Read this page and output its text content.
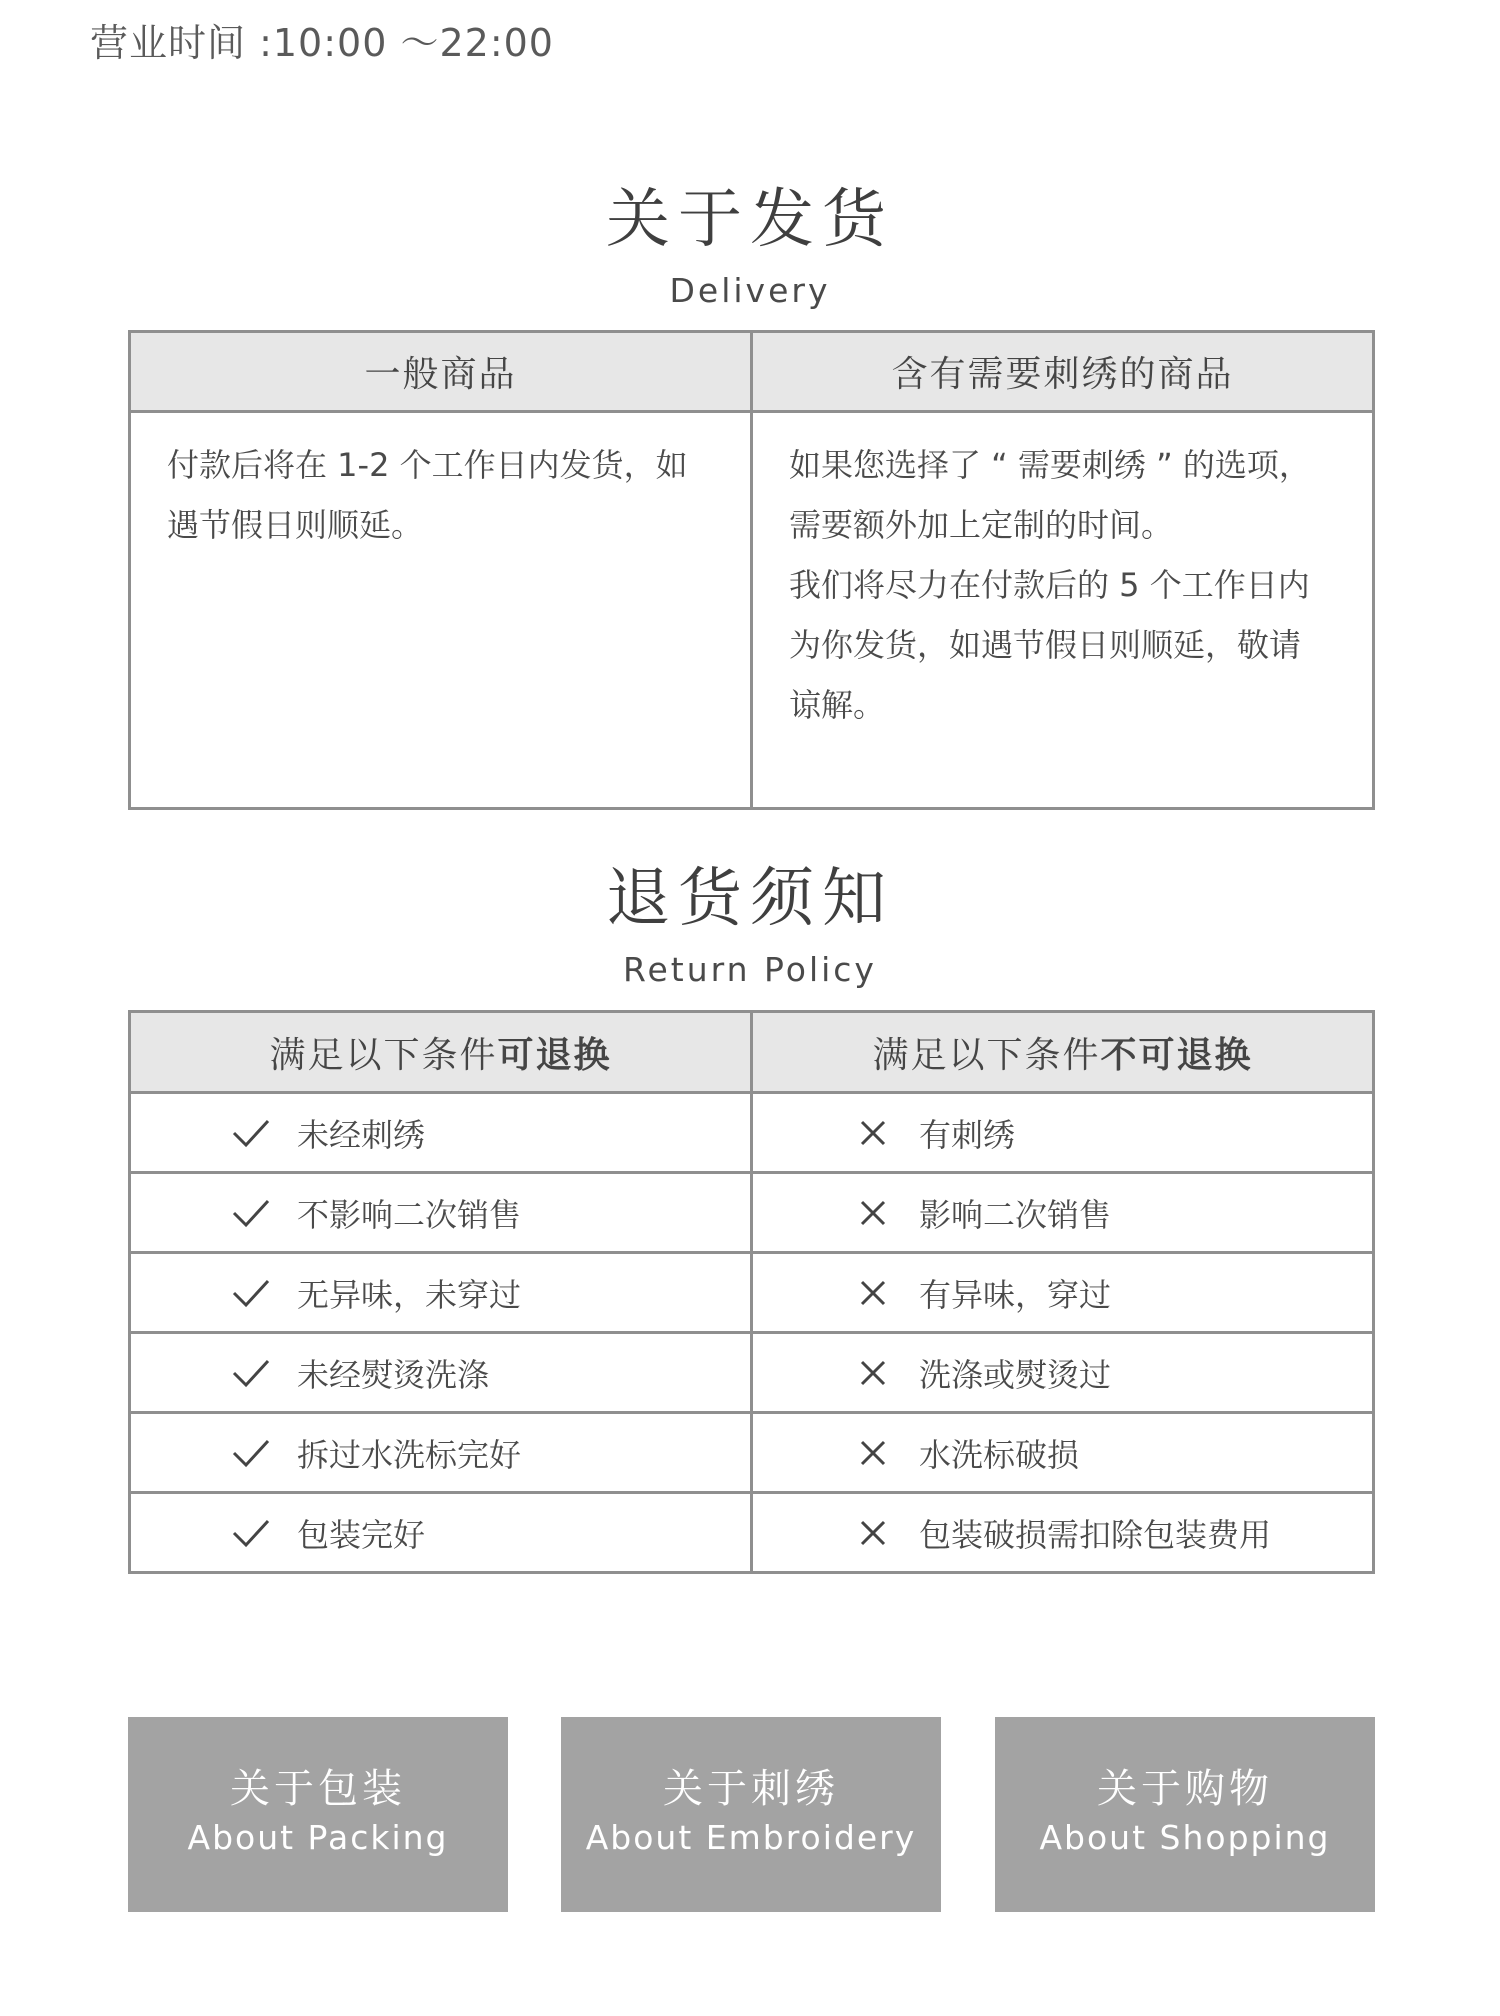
营业时间 :10:00 ～22:00
关于发货
Delivery
一般商品	含有需要刺绣的商品
付款后将在 1-2 个工作日内发货，如遇节假日则顺延。	如果您选择了 “ 需要刺绣 ” 的选项，
需要额外加上定制的时间。
我们将尽力在付款后的 5 个工作日内
为你发货，如遇节假日则顺延，敬请
谅解。
退货须知
Return Policy
满足以下条件可退换	满足以下条件不可退换

未经刺绣	有刺绣

不影响二次销售	影响二次销售

无异味，未穿过	有异味，穿过

未经熨烫洗涤	洗涤或熨烫过

拆过水洗标完好	水洗标破损

包装完好	包装破损需扣除包装费用
关于包装
About Packing
关于刺绣
About Embroidery
关于购物
About Shopping
